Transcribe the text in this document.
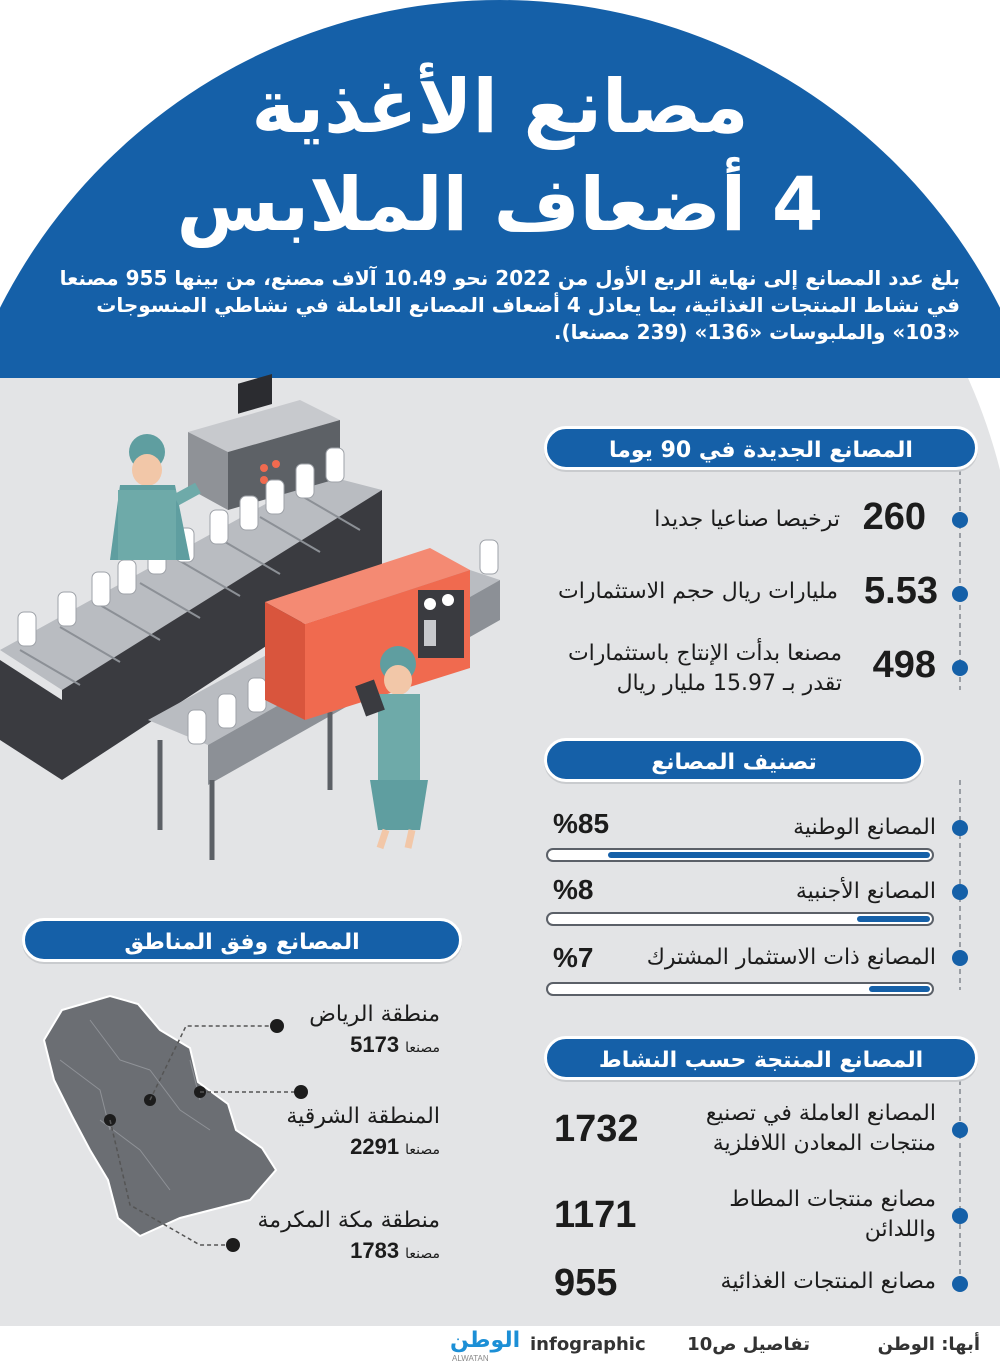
مصانع الأغذية
4 أضعاف الملابس
بلغ عدد المصانع إلى نهاية الربع الأول من 2022 نحو 10.49 آلاف مصنع، من بينها 955 مصنعا في نشاط المنتجات الغذائية، بما يعادل 4 أضعاف المصانع العاملة في نشاطي المنسوجات «103» والملبوسات «136» (239 مصنعا).
المصانع الجديدة في 90 يوما
260
ترخيصا صناعيا جديدا
5.53
مليارات ريال حجم الاستثمارات
498
مصنعا بدأت الإنتاج باستثمارات
تقدر بـ 15.97 مليار ريال
تصنيف المصانع
المصانع الوطنية
%85
المصانع الأجنبية
%8
المصانع ذات الاستثمار المشترك
%7
المصانع المنتجة حسب النشاط
المصانع العاملة في تصنيع
منتجات المعادن اللافلزية
1732
مصانع منتجات المطاط
واللدائن
1171
مصانع المنتجات الغذائية
955
المصانع وفق المناطق
منطقة الرياض
مصنعا
5173
المنطقة الشرقية
مصنعا
2291
منطقة مكة المكرمة
مصنعا
1783
أبها: الوطن
تفاصيل ص10
infographic
الوطن
ALWATAN
